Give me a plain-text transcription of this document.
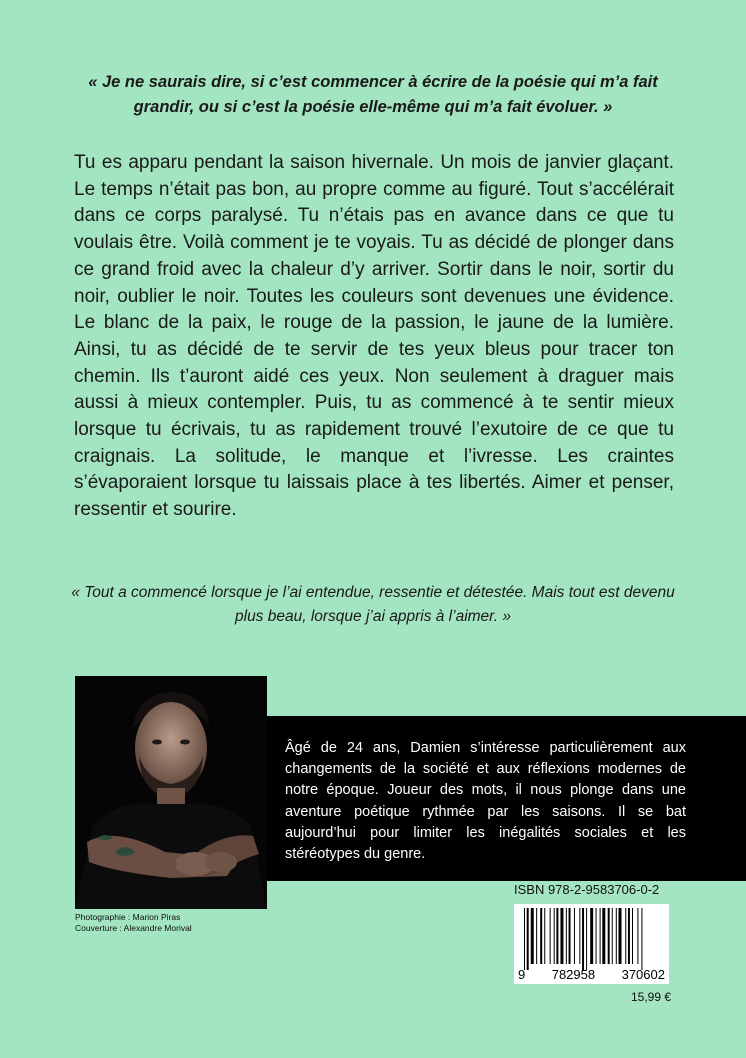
« Je ne saurais dire, si c’est commencer à écrire de la poésie qui m’a fait grandir, ou si c’est la poésie elle-même qui m’a fait évoluer. »
Tu es apparu pendant la saison hivernale. Un mois de janvier glaçant. Le temps n’était pas bon, au propre comme au figuré. Tout s’accélérait dans ce corps paralysé. Tu n’étais pas en avance dans ce que tu voulais être. Voilà comment je te voyais. Tu as décidé de plonger dans ce grand froid avec la chaleur d’y arriver. Sortir dans le noir, sortir du noir, oublier le noir. Toutes les couleurs sont devenues une évidence. Le blanc de la paix, le rouge de la passion, le jaune de la lumière. Ainsi, tu as décidé de te servir de tes yeux bleus pour tracer ton chemin. Ils t’auront aidé ces yeux. Non seulement à draguer mais aussi à mieux contempler. Puis, tu as commencé à te sentir mieux lorsque tu écrivais, tu as rapidement trouvé l’exutoire de ce que tu craignais. La solitude, le manque et l’ivresse. Les craintes s’évaporaient lorsque tu laissais place à tes libertés. Aimer et penser, ressentir et sourire.
« Tout a commencé lorsque je l’ai entendue, ressentie et détestée. Mais tout est devenu plus beau, lorsque j’ai appris à l’aimer. »
Âgé de 24 ans, Damien s’intéresse particulièrement aux changements de la société et aux réflexions modernes de notre époque. Joueur des mots, il nous plonge dans une aventure poétique rythmée par les saisons. Il se bat aujourd’hui pour limiter les inégalités sociales et les stéréotypes du genre.
Photographie : Marion Piras
Couverture : Alexandre Morival
ISBN 978-2-9583706-0-2
9 782958 370602
15,99 €
